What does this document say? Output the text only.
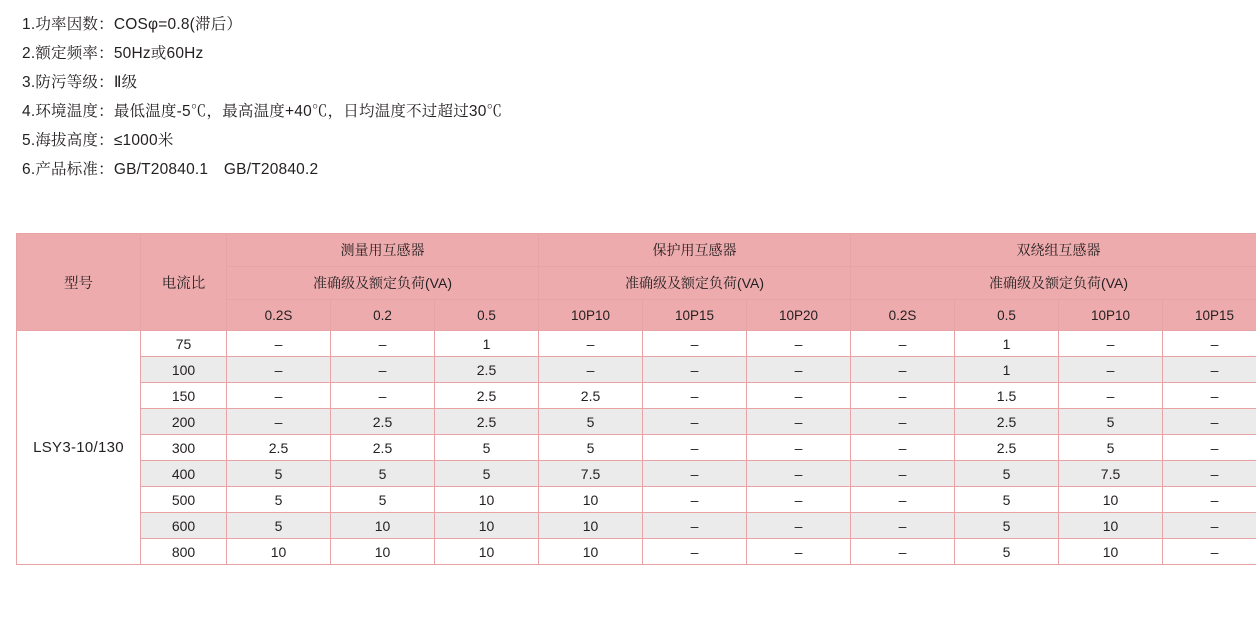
1.功率因数：COSφ=0.8(滞后）
2.额定频率：50Hz或60Hz
3.防污等级：Ⅱ级
4.环境温度：最低温度-5℃，最高温度+40℃，日均温度不过超过30℃
5.海拔高度：≤1000米
6.产品标准：GB/T20840.1　GB/T20840.2
型号	电流比	测量用互感器			保护用互感器			双绕组互感器			
		准确级及额定负荷(VA)			准确级及额定负荷(VA)			准确级及额定负荷(VA)			
		0.2S	0.2	0.5	10P10	10P15	10P20	0.2S	0.5	10P10	10P15
LSY3-10/130	75	–	–	1	–	–	–	–	1	–	–
	100	–	–	2.5	–	–	–	–	1	–	–
	150	–	–	2.5	2.5	–	–	–	1.5	–	–
	200	–	2.5	2.5	5	–	–	–	2.5	5	–
	300	2.5	2.5	5	5	–	–	–	2.5	5	–
	400	5	5	5	7.5	–	–	–	5	7.5	–
	500	5	5	10	10	–	–	–	5	10	–
	600	5	10	10	10	–	–	–	5	10	–
	800	10	10	10	10	–	–	–	5	10	–
